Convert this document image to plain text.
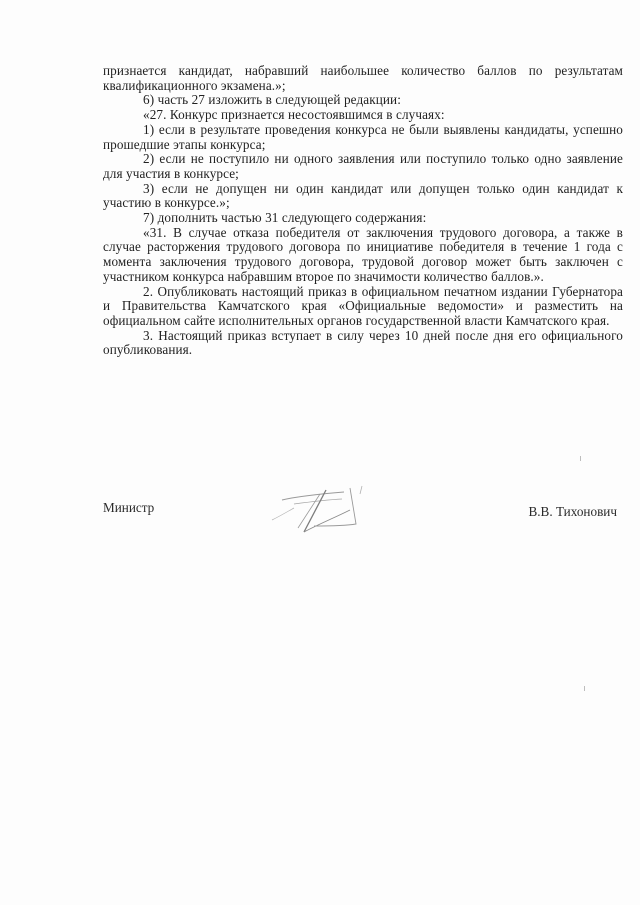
признается кандидат, набравший наибольшее количество баллов по результатам квалификационного экзамена.»;

6) часть 27 изложить в следующей редакции:

«27. Конкурс признается несостоявшимся в случаях:

1) если в результате проведения конкурса не были выявлены кандидаты, успешно прошедшие этапы конкурса;

2) если не поступило ни одного заявления или поступило только одно заявление для участия в конкурсе;

3) если не допущен ни один кандидат или допущен только один кандидат к участию в конкурсе.»;

7) дополнить частью 31 следующего содержания:

«31. В случае отказа победителя от заключения трудового договора, а также в случае расторжения трудового договора по инициативе победителя в течение 1 года с момента заключения трудового договора, трудовой договор может быть заключен с участником конкурса набравшим второе по значимости количество баллов.».

2. Опубликовать настоящий приказ в официальном печатном издании Губернатора и Правительства Камчатского края «Официальные ведомости» и разместить на официальном сайте исполнительных органов государственной власти Камчатского края.

3. Настоящий приказ вступает в силу через 10 дней после дня его официального опубликования.

Министр	В.В. Тихонович
